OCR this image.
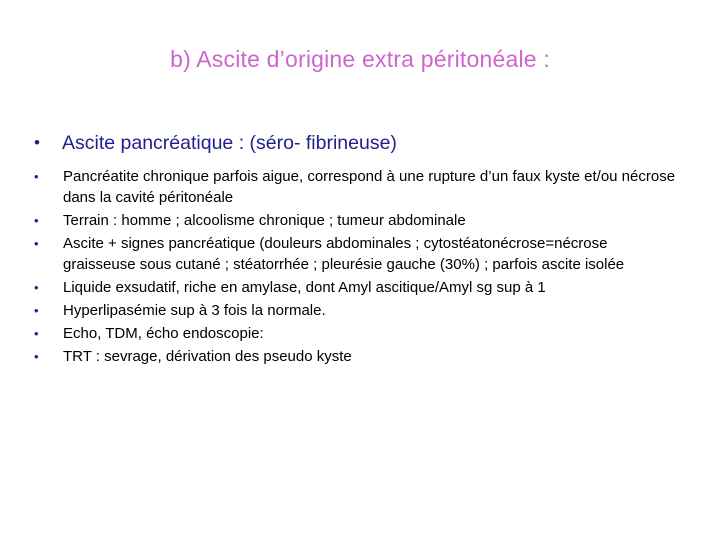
b) Ascite d’origine extra péritonéale :
• Ascite pancréatique : (séro- fibrineuse)
•	Pancréatite chronique parfois aigue, correspond à une rupture d’un faux kyste et/ou nécrose dans la cavité péritonéale
•	Terrain : homme ; alcoolisme chronique ; tumeur abdominale
•	Ascite + signes pancréatique (douleurs abdominales ; cytostéatonécrose=nécrose graisseuse sous cutané ; stéatorrhée ; pleurésie gauche (30%) ; parfois ascite isolée
•	Liquide exsudatif, riche en amylase, dont Amyl ascitique/Amyl sg sup à 1
•	Hyperlipasémie sup à 3 fois la normale.
•	Echo, TDM, écho endoscopie:
•	TRT : sevrage, dérivation des pseudo kyste
